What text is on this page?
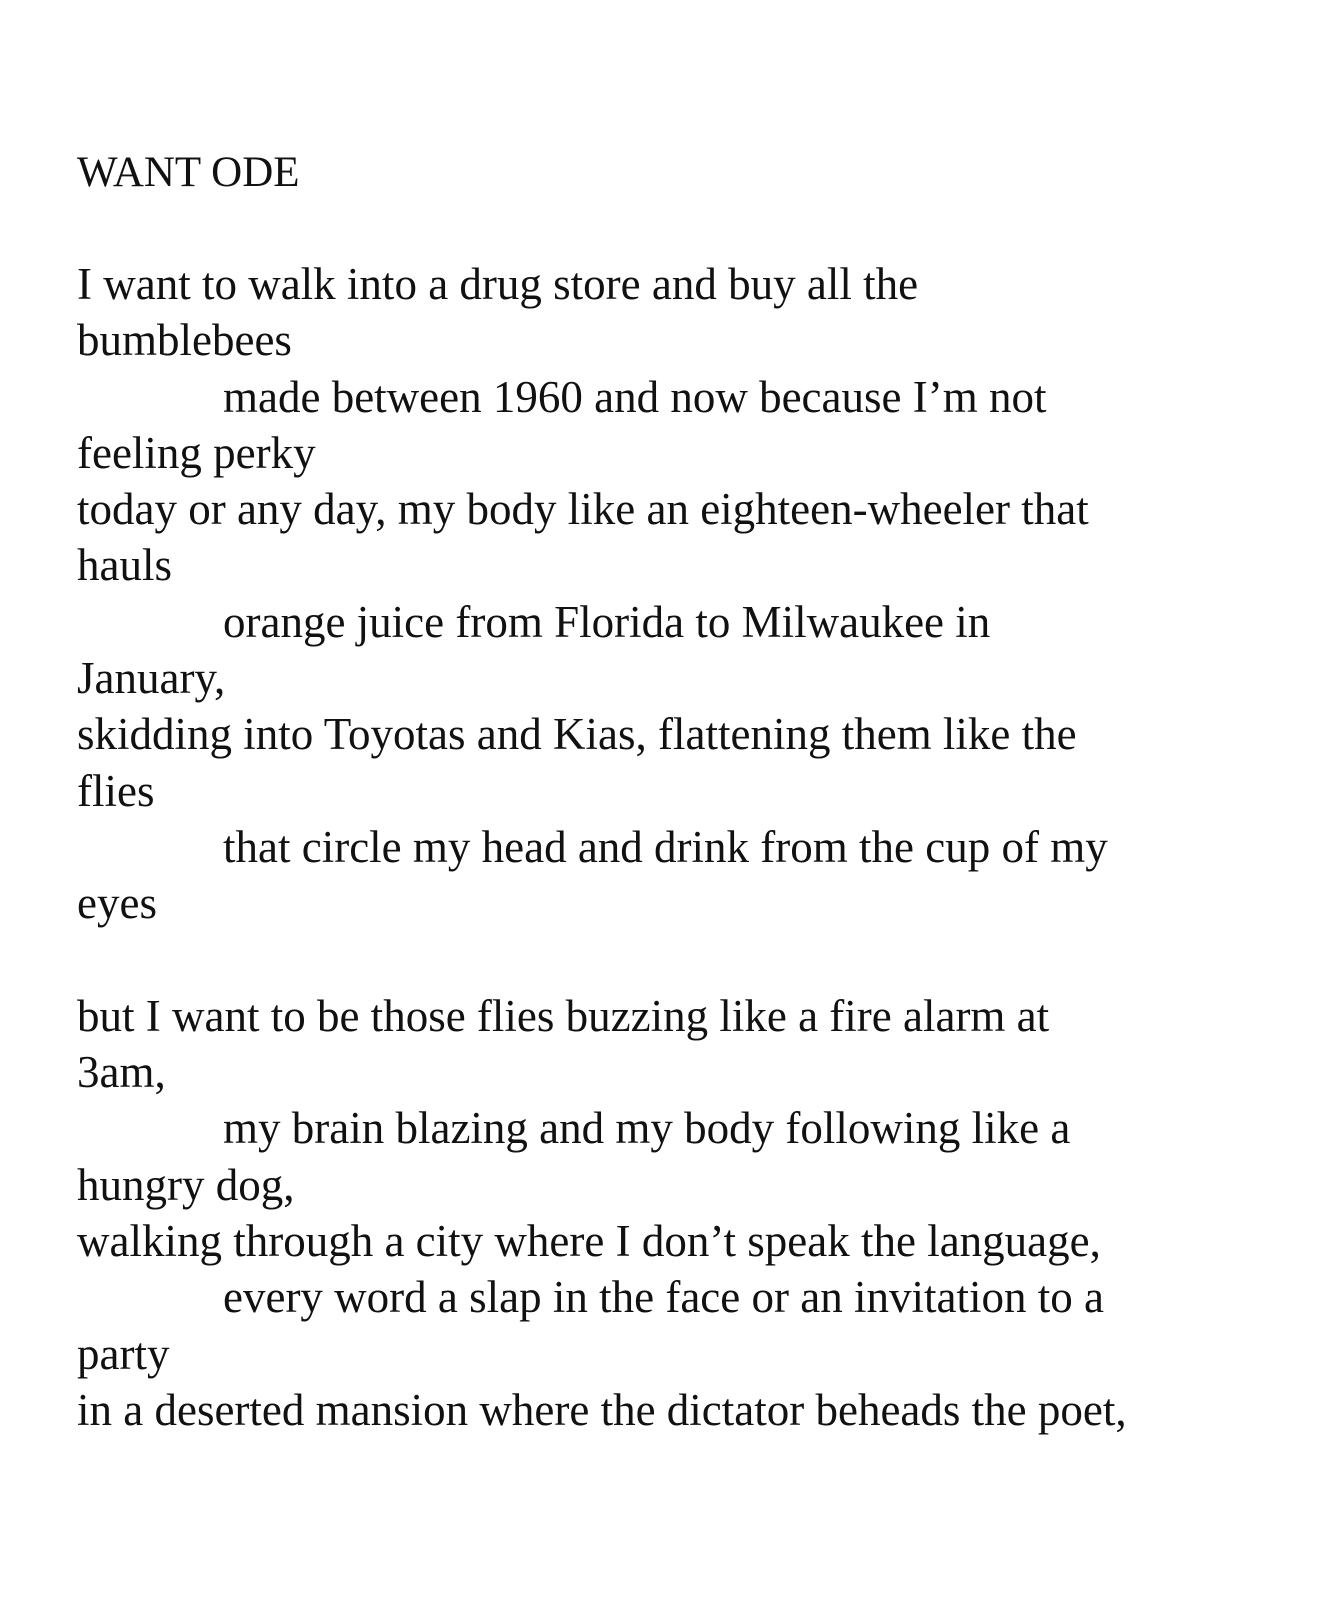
WANT ODE
I want to walk into a drug store and buy all the
bumblebees
made between 1960 and now because I’m not
feeling perky
today or any day, my body like an eighteen-wheeler that
hauls
orange juice from Florida to Milwaukee in
January,
skidding into Toyotas and Kias, flattening them like the
flies
that circle my head and drink from the cup of my
eyes
but I want to be those flies buzzing like a fire alarm at
3am,
my brain blazing and my body following like a
hungry dog,
walking through a city where I don’t speak the language,
every word a slap in the face or an invitation to a
party
in a deserted mansion where the dictator beheads the poet,
